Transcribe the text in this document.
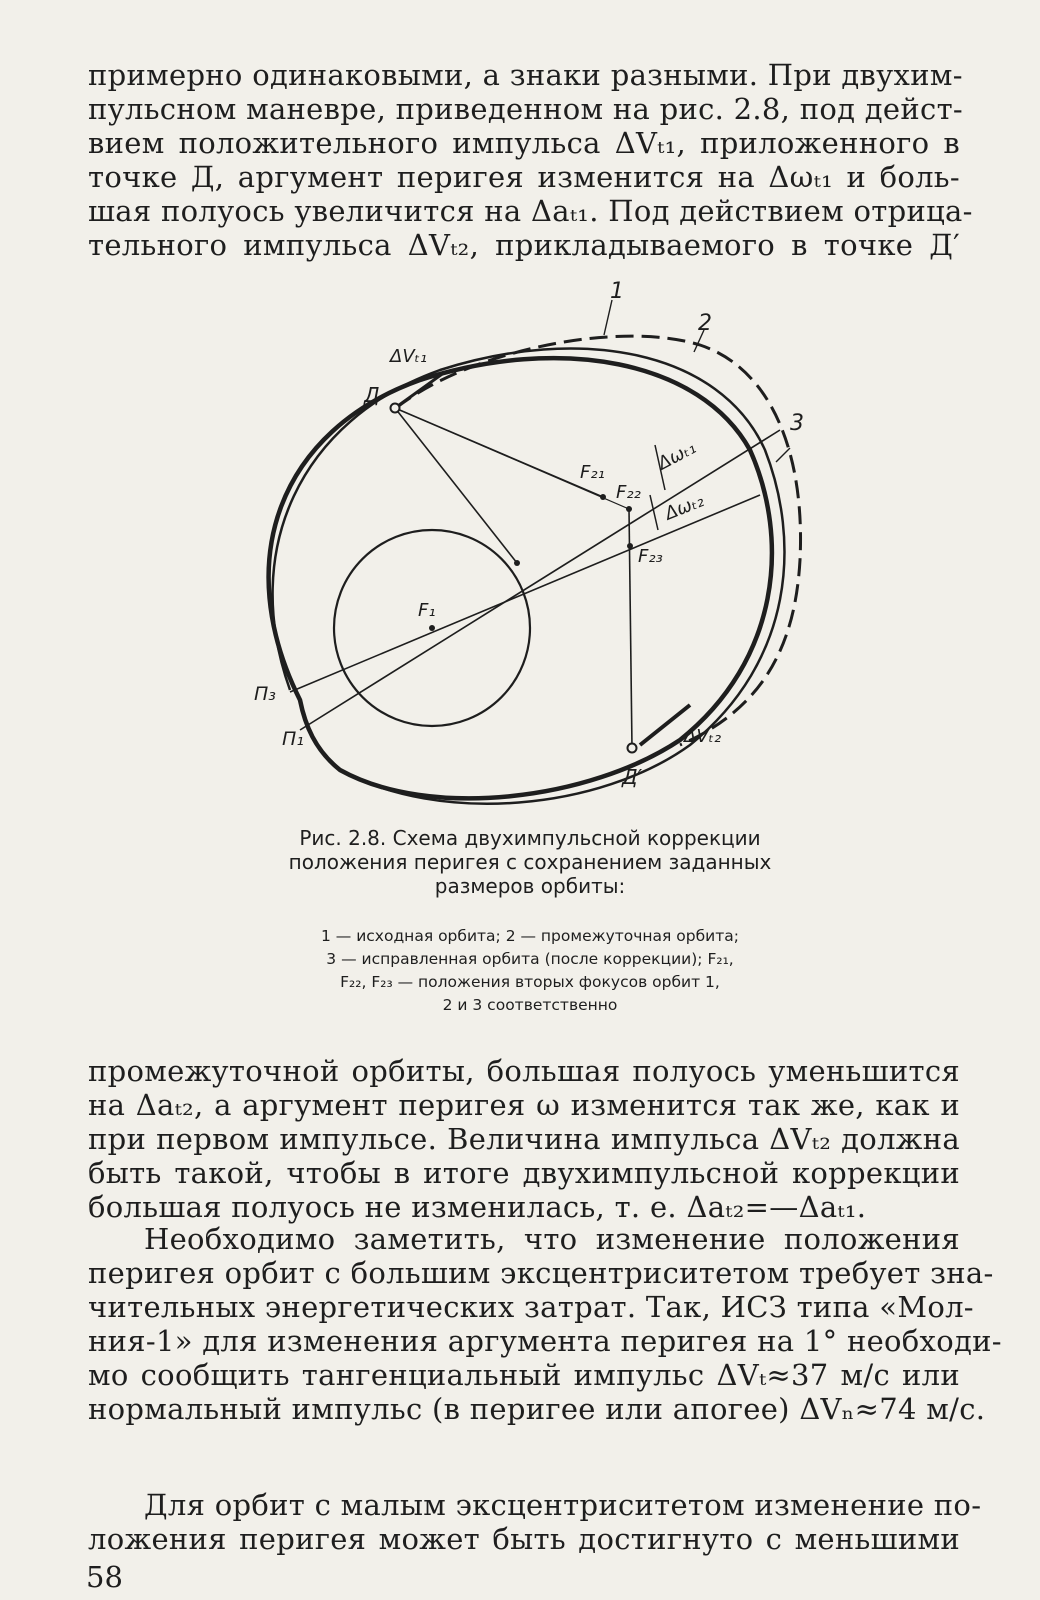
примерно одинаковыми, а знаки разными. При двухим-
пульсном маневре, приведенном на рис. 2.8, под дейст-
вием положительного импульса ΔVₜ₁, приложенного в
точке Д, аргумент перигея изменится на Δωₜ₁ и боль-
шая полуось увеличится на Δaₜ₁. Под действием отрица-
тельного импульса ΔVₜ₂, прикладываемого в точке Д′

1
2
3
ΔVₜ₁
Д
F₂₁
F₂₂
F₂₃
Δωₜ₁
Δωₜ₂
F₁
П₃
П₁	ΔVₜ₂
Д′
Рис. 2.8. Схема двухимпульсной коррекции
положения перигея с сохранением заданных
размеров орбиты:
1 — исходная орбита; 2 — промежуточная орбита;
3 — исправленная орбита (после коррекции); F₂₁,
F₂₂, F₂₃ — положения вторых фокусов орбит 1,
2 и 3 соответственно

промежуточной орбиты, большая полуось уменьшится
на Δaₜ₂, а аргумент перигея ω изменится так же, как и
при первом импульсе. Величина импульса ΔVₜ₂ должна
быть такой, чтобы в итоге двухимпульсной коррекции
большая полуось не изменилась, т. е. Δaₜ₂=—Δaₜ₁.

Необходимо заметить, что изменение положения
перигея орбит с большим эксцентриситетом требует зна-
чительных энергетических затрат. Так, ИСЗ типа «Мол-
ния-1» для изменения аргумента перигея на 1° необходи-
мо сообщить тангенциальный импульс ΔVₜ≈37 м/с или
нормальный импульс (в перигее или апогее) ΔVₙ≈74 м/с.

Для орбит с малым эксцентриситетом изменение по-
ложения перигея может быть достигнуто с меньшими

58
